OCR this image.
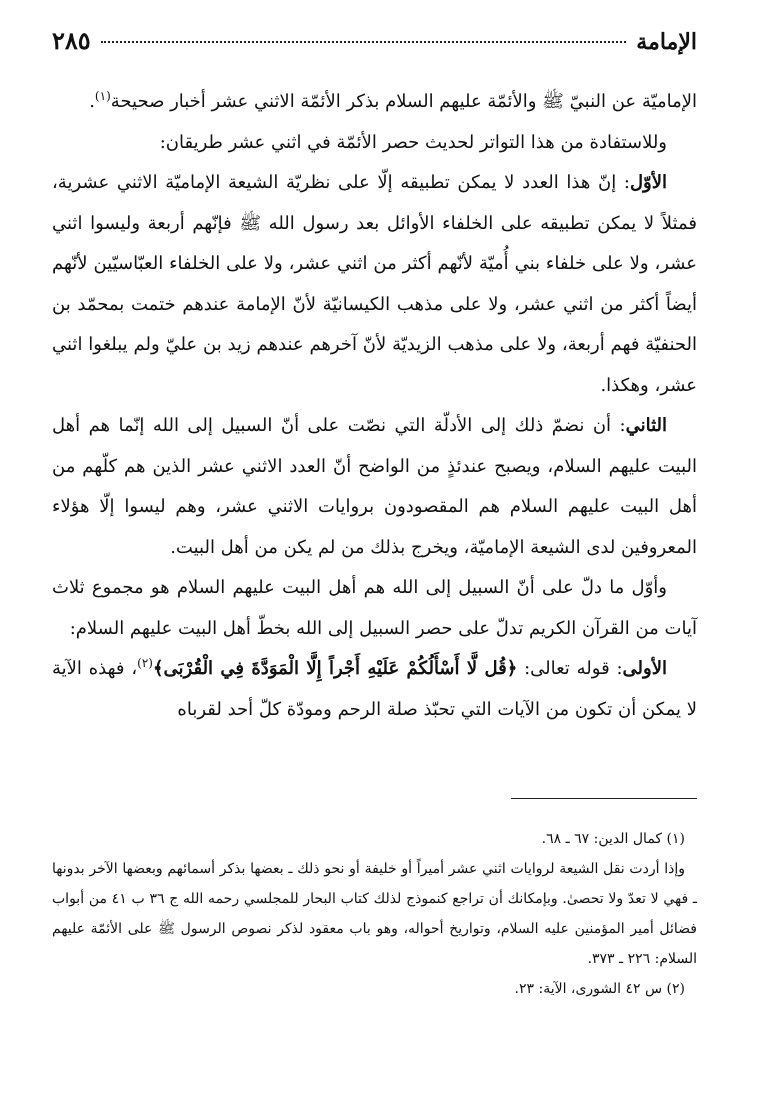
الإمامة
٢٨٥

الإماميّة عن النبيّ ﷺ والأئمّة عليهم السلام بذكر الأئمّة الاثني عشر أخبار صحيحة$^{(١)}$.

وللاستفادة من هذا التواتر لحديث حصر الأئمّة في اثني عشر طريقان:

الأوّل: إنّ هذا العدد لا يمكن تطبيقه إلّا على نظريّة الشيعة الإماميّة الاثني عشرية، فمثلاً لا يمكن تطبيقه على الخلفاء الأوائل بعد رسول الله ﷺ فإنّهم أربعة وليسوا اثني عشر، ولا على خلفاء بني أُميّة لأنّهم أكثر من اثني عشر، ولا على الخلفاء العبّاسيّين لأنّهم أيضاً أكثر من اثني عشر، ولا على مذهب الكيسانيّة لأنّ الإمامة عندهم ختمت بمحمّد بن الحنفيّة فهم أربعة، ولا على مذهب الزيديّة لأنّ آخرهم عندهم زيد بن عليّ ولم يبلغوا اثني عشر، وهكذا.

الثاني: أن نضمّ ذلك إلى الأدلّة التي نصّت على أنّ السبيل إلى الله إنّما هم أهل البيت عليهم السلام، ويصبح عندئذٍ من الواضح أنّ العدد الاثني عشر الذين هم كلّهم من أهل البيت عليهم السلام هم المقصودون بروايات الاثني عشر، وهم ليسوا إلّا هؤلاء المعروفين لدى الشيعة الإماميّة، ويخرج بذلك من لم يكن من أهل البيت.

وأوّل ما دلّ على أنّ السبيل إلى الله هم أهل البيت عليهم السلام هو مجموع ثلاث آيات من القرآن الكريم تدلّ على حصر السبيل إلى الله بخطّ أهل البيت عليهم السلام:

الأولى: قوله تعالى: ﴿قُل لَّا أَسْأَلُكُمْ عَلَيْهِ أَجْراً إِلَّا الْمَوَدَّةَ فِي الْقُرْبَى﴾$^{(٢)}$، فهذه الآية لا يمكن أن تكون من الآيات التي تحبّذ صلة الرحم ومودّة كلّ أحد لقرباه

(١) كمال الدين: ٦٧ ـ ٦٨.

وإذا أردت نقل الشيعة لروايات اثني عشر أميراً أو خليفة أو نحو ذلك ـ بعضها بذكر أسمائهم وبعضها الآخر بدونها ـ فهي لا تعدّ ولا تحصىٰ. وبإمكانك أن تراجع كنموذج لذلك كتاب البحار للمجلسي رحمه الله ج ٣٦ ب ٤١ من أبواب فضائل أمير المؤمنين عليه السلام، وتواريخ أحواله، وهو باب معقود لذكر نصوص الرسول ﷺ على الأئمّة عليهم السلام: ٢٢٦ ـ ٣٧٣.

(٢) س ٤٢ الشورى، الآية: ٢٣.
